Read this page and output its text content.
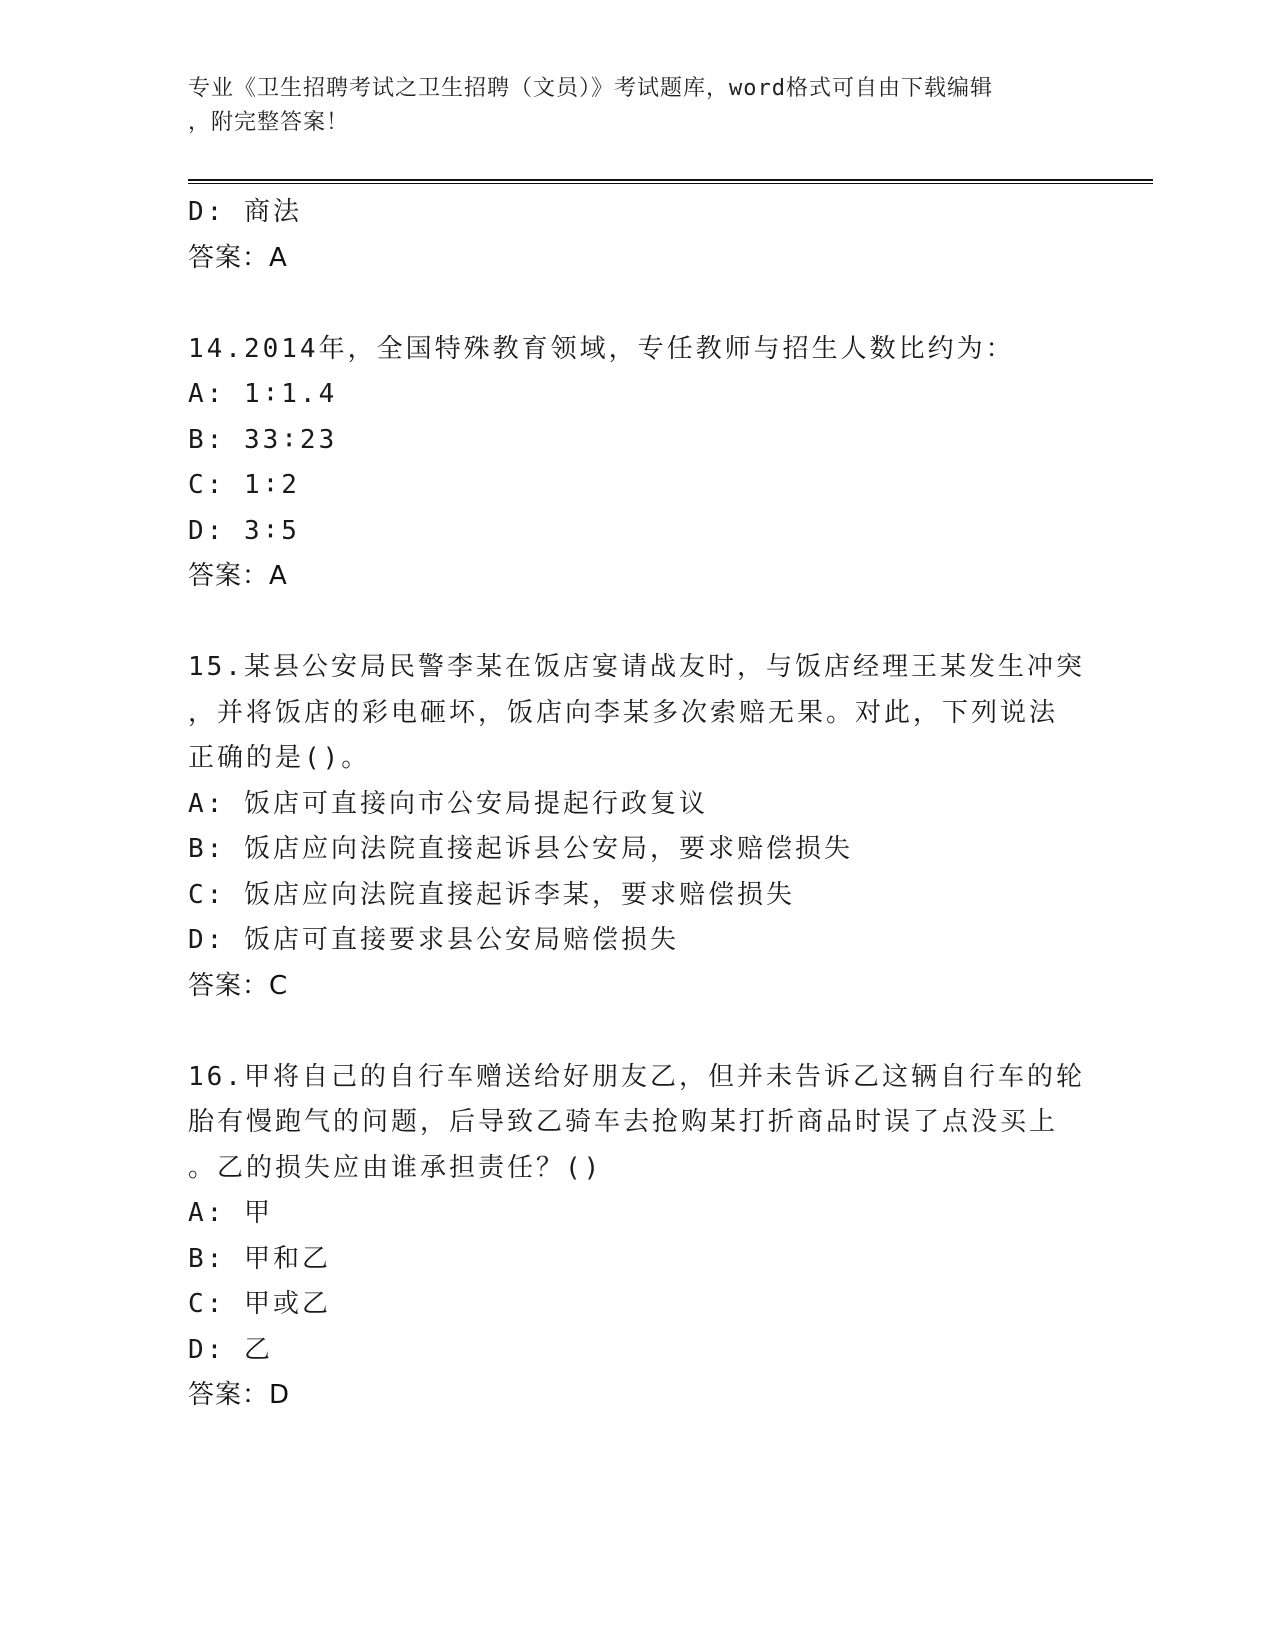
专业《卫生招聘考试之卫生招聘（文员）》考试题库，word格式可自由下载编辑
，附完整答案！
D: 商法
答案：A
14.2014年，全国特殊教育领域，专任教师与招生人数比约为：
A: 1∶1.4
B: 33∶23
C: 1∶2
D: 3∶5
答案：A
15.某县公安局民警李某在饭店宴请战友时，与饭店经理王某发生冲突
，并将饭店的彩电砸坏，饭店向李某多次索赔无果。对此，下列说法
正确的是()。
A: 饭店可直接向市公安局提起行政复议
B: 饭店应向法院直接起诉县公安局，要求赔偿损失
C: 饭店应向法院直接起诉李某，要求赔偿损失
D: 饭店可直接要求县公安局赔偿损失
答案：C
16.甲将自己的自行车赠送给好朋友乙，但并未告诉乙这辆自行车的轮
胎有慢跑气的问题，后导致乙骑车去抢购某打折商品时误了点没买上
。乙的损失应由谁承担责任？()
A: 甲
B: 甲和乙
C: 甲或乙
D: 乙
答案：D
